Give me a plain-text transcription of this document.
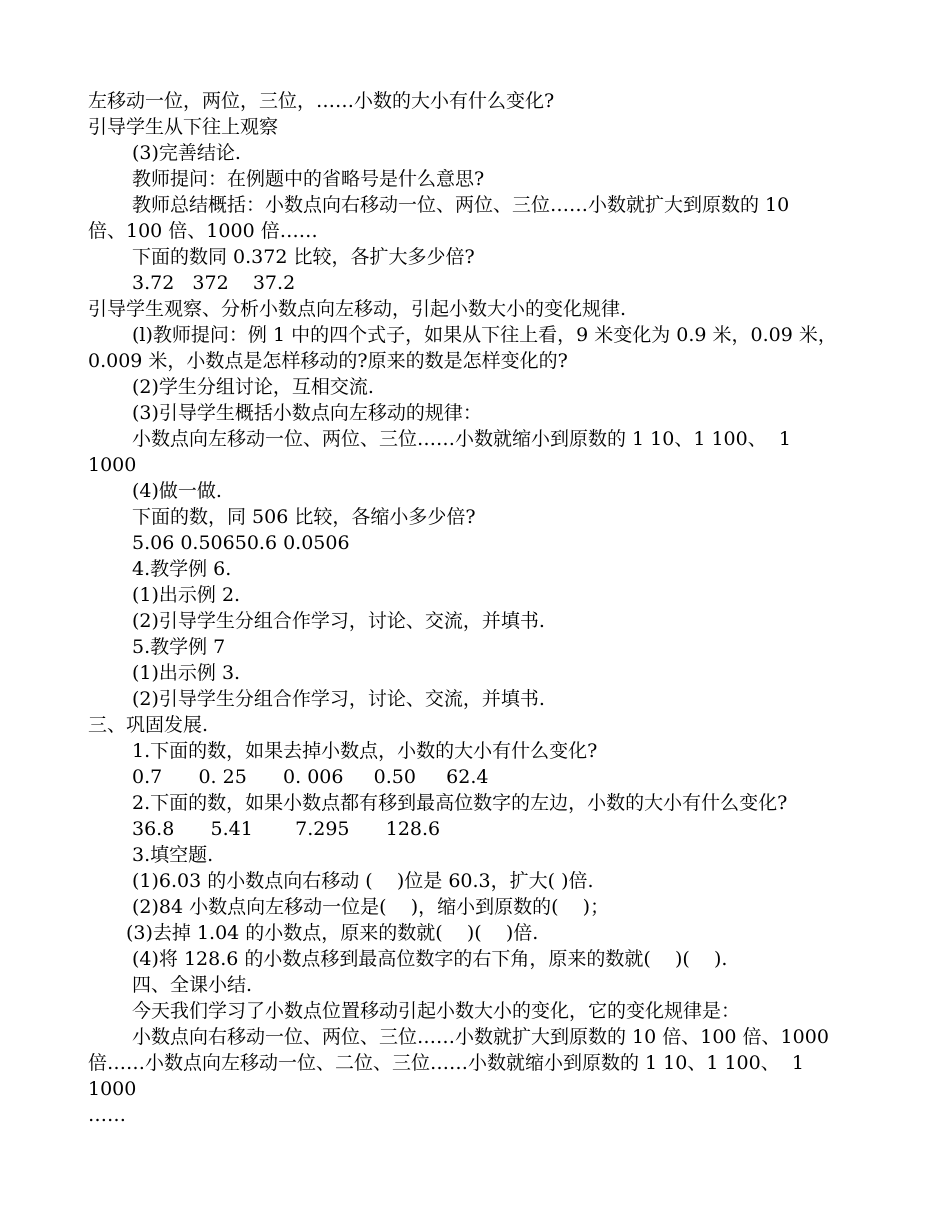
左移动一位，两位，三位，……小数的大小有什么变化?
引导学生从下往上观察
(3)完善结论.
教师提问：在例题中的省略号是什么意思?
教师总结概括：小数点向右移动一位、两位、三位……小数就扩大到原数的 10
倍、100 倍、1000 倍……
下面的数同 0.372 比较，各扩大多少倍?
3.72   372    37.2
引导学生观察、分析小数点向左移动，引起小数大小的变化规律.
(l)教师提问：例 1 中的四个式子，如果从下往上看，9 米变化为 0.9 米，0.09 米，
0.009 米，小数点是怎样移动的?原来的数是怎样变化的?
(2)学生分组讨论，互相交流.
(3)引导学生概括小数点向左移动的规律：
小数点向左移动一位、两位、三位……小数就缩小到原数的 1 10、1 100、  1
1000
(4)做一做.
下面的数，同 506 比较，各缩小多少倍?
5.06 0.50650.6 0.0506
4.教学例 6.
(1)出示例 2.
(2)引导学生分组合作学习，讨论、交流，并填书.
5.教学例 7
(1)出示例 3.
(2)引导学生分组合作学习，讨论、交流，并填书.
三、巩固发展.
1.下面的数，如果去掉小数点，小数的大小有什么变化?
0.7      0. 25      0. 006     0.50     62.4
2.下面的数，如果小数点都有移到最高位数字的左边，小数的大小有什么变化?
36.8      5.41       7.295      128.6
3.填空题.
(1)6.03 的小数点向右移动 (    )位是 60.3，扩大( )倍.
(2)84 小数点向左移动一位是(    )，缩小到原数的(    )；
(3)去掉 1.04 的小数点，原来的数就(    )(    )倍.
(4)将 128.6 的小数点移到最高位数字的右下角，原来的数就(    )(    ).
四、全课小结.
今天我们学习了小数点位置移动引起小数大小的变化，它的变化规律是：
小数点向右移动一位、两位、三位……小数就扩大到原数的 10 倍、100 倍、1000
倍……小数点向左移动一位、二位、三位……小数就缩小到原数的 1 10、1 100、  1
1000
……
